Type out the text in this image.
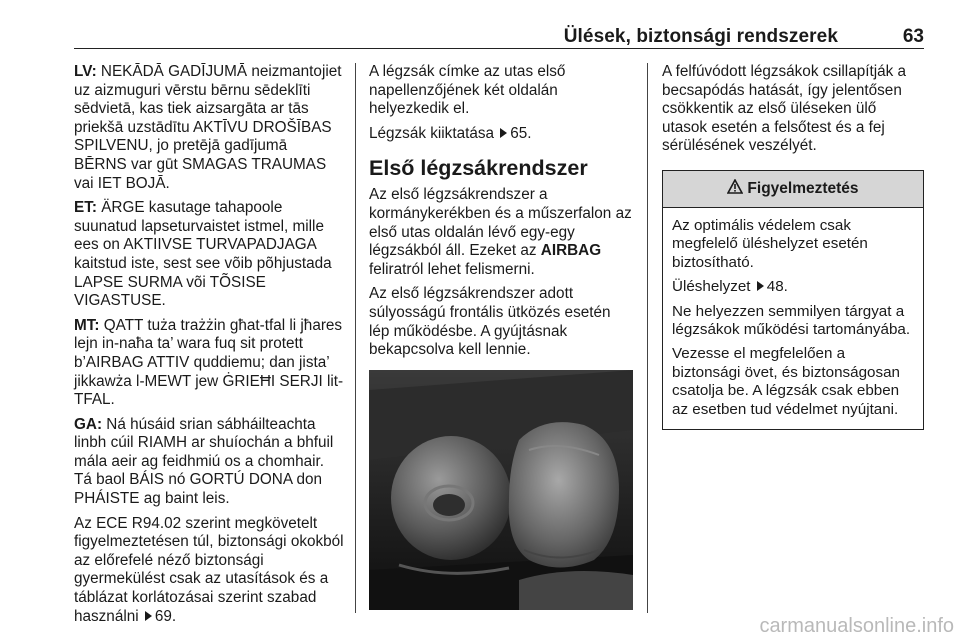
Ülések, biztonsági rendszerek	63

LV: NEKĀDĀ GADĪJUMĀ neizmantojiet uz aizmuguri vērstu bērnu sēdeklīti sēdvietā, kas tiek aizsargāta ar tās priekšā uzstādītu AKTĪVU DROŠĪBAS SPILVENU, jo pretējā gadījumā BĒRNS var gūt SMAGAS TRAUMAS vai IET BOJĀ.

ET: ÄRGE kasutage tahapoole suunatud lapseturvaistet istmel, mille ees on AKTIIVSE TURVAPADJAGA kaitstud iste, sest see võib põhjustada LAPSE SURMA või TÕSISE VIGASTUSE.

MT: QATT tuża trażżin għat-tfal li jħares lejn in-naħa ta’ wara fuq sit protett b’AIRBAG ATTIV quddiemu; dan jista’ jikkawża l-MEWT jew ĠRIEĦI SERJI lit-TFAL.

GA: Ná húsáid srian sábháilteachta linbh cúil RIAMH ar shuíochán a bhfuil mála aeir ag feidhmiú os a chomhair. Tá baol BÁIS nó GORTÚ DONA don PHÁISTE ag baint leis.

Az ECE R94.02 szerint megkövetelt figyelmeztetésen túl, biztonsági okokból az előrefelé néző biztonsági gyermekülést csak az utasítások és a táblázat korlátozásai szerint szabad használni 69.

A légzsák címke az utas első napellenzőjének két oldalán helyezkedik el.

Légzsák kiiktatása 65.

Első légzsákrendszer

Az első légzsákrendszer a kormánykerékben és a műszerfalon az első utas oldalán lévő egy-egy légzsákból áll. Ezeket az AIRBAG feliratról lehet felismerni.

Az első légzsákrendszer adott súlyosságú frontális ütközés esetén lép működésbe. A gyújtásnak bekapcsolva kell lennie.

A felfúvódott légzsákok csillapítják a becsapódás hatását, így jelentősen csökkentik az első üléseken ülő utasok esetén a felsőtest és a fej sérülésének veszélyét.

Figyelmeztetés

Az optimális védelem csak megfelelő üléshelyzet esetén biztosítható.

Üléshelyzet 48.

Ne helyezzen semmilyen tárgyat a légzsákok működési tartományába.

Vezesse el megfelelően a biztonsági övet, és biztonságosan csatolja be. A légzsák csak ebben az esetben tud védelmet nyújtani.

carmanualsonline.info
